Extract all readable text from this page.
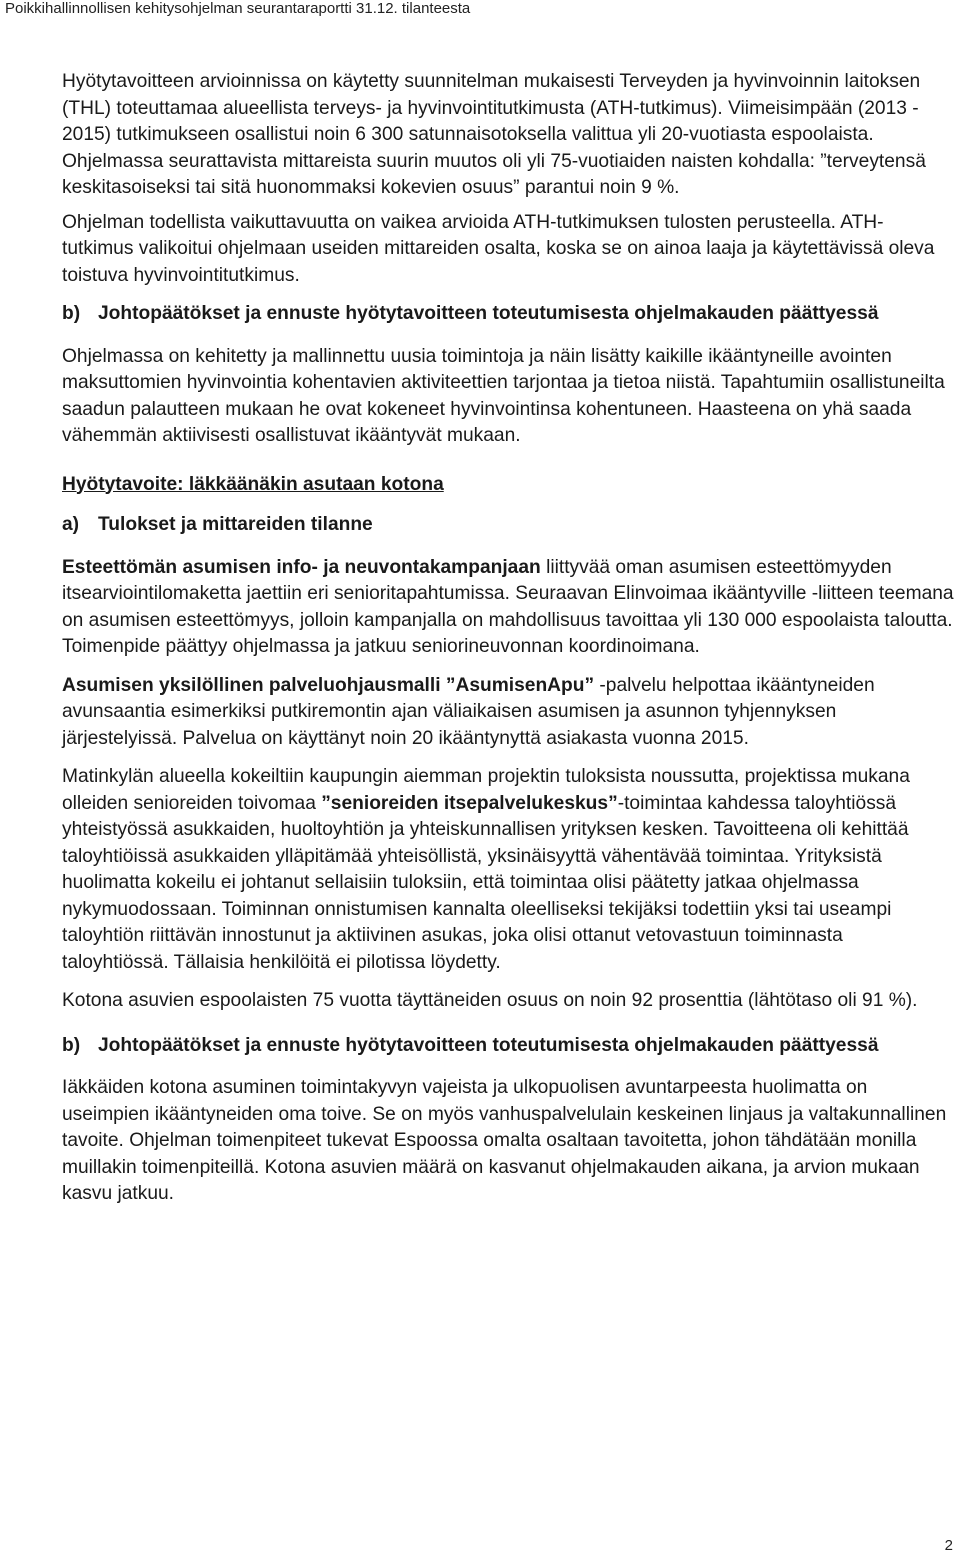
Poikkihallinnollisen kehitysohjelman seurantaraportti 31.12. tilanteesta

Hyötytavoitteen arvioinnissa on käytetty suunnitelman mukaisesti Terveyden ja hyvinvoinnin laitoksen (THL) toteuttamaa alueellista terveys- ja hyvinvointitutkimusta (ATH-tutkimus). Viimeisimpään (2013 - 2015) tutkimukseen osallistui noin 6 300 satunnaisotoksella valittua yli 20-vuotiasta espoolaista. Ohjelmassa seurattavista mittareista suurin muutos oli yli 75-vuotiaiden naisten kohdalla: ”terveytensä keskitasoiseksi tai sitä huonommaksi kokevien osuus” parantui noin 9 %.

Ohjelman todellista vaikuttavuutta on vaikea arvioida ATH-tutkimuksen tulosten perusteella. ATH-tutkimus valikoitui ohjelmaan useiden mittareiden osalta, koska se on ainoa laaja ja käytettävissä oleva toistuva hyvinvointitutkimus.

b) Johtopäätökset ja ennuste hyötytavoitteen toteutumisesta ohjelmakauden päättyessä

Ohjelmassa on kehitetty ja mallinnettu uusia toimintoja ja näin lisätty kaikille ikääntyneille avointen maksuttomien hyvinvointia kohentavien aktiviteettien tarjontaa ja tietoa niistä. Tapahtumiin osallistuneilta saadun palautteen mukaan he ovat kokeneet hyvinvointinsa kohentuneen. Haasteena on yhä saada vähemmän aktiivisesti osallistuvat ikääntyvät mukaan.

Hyötytavoite: läkkäänäkin asutaan kotona

a) Tulokset ja mittareiden tilanne

Esteettömän asumisen info- ja neuvontakampanjaan liittyvää oman asumisen esteettömyyden itsearviointilomaketta jaettiin eri senioritapahtumissa. Seuraavan Elinvoimaa ikääntyville -liitteen teemana on asumisen esteettömyys, jolloin kampanjalla on mahdollisuus tavoittaa yli 130 000 espoolaista taloutta. Toimenpide päättyy ohjelmassa ja jatkuu seniorineuvonnan koordinoimana.

Asumisen yksilöllinen palveluohjausmalli ”AsumisenApu” -palvelu helpottaa ikääntyneiden avunsaantia esimerkiksi putkiremontin ajan väliaikaisen asumisen ja asunnon tyhjennyksen järjestelyissä. Palvelua on käyttänyt noin 20 ikääntynyttä asiakasta vuonna 2015.

Matinkylän alueella kokeiltiin kaupungin aiemman projektin tuloksista noussutta, projektissa mukana olleiden senioreiden toivomaa ”senioreiden itsepalvelukeskus”-toimintaa kahdessa taloyhtiössä yhteistyössä asukkaiden, huoltoyhtiön ja yhteiskunnallisen yrityksen kesken. Tavoitteena oli kehittää taloyhtiöissä asukkaiden ylläpitämää yhteisöllistä, yksinäisyyttä vähentävää toimintaa. Yrityksistä huolimatta kokeilu ei johtanut sellaisiin tuloksiin, että toimintaa olisi päätetty jatkaa ohjelmassa nykymuodossaan. Toiminnan onnistumisen kannalta oleelliseksi tekijäksi todettiin yksi tai useampi taloyhtiön riittävän innostunut ja aktiivinen asukas, joka olisi ottanut vetovastuun toiminnasta taloyhtiössä. Tällaisia henkilöitä ei pilotissa löydetty.

Kotona asuvien espoolaisten 75 vuotta täyttäneiden osuus on noin 92 prosenttia (lähtötaso oli 91 %).

b) Johtopäätökset ja ennuste hyötytavoitteen toteutumisesta ohjelmakauden päättyessä

Iäkkäiden kotona asuminen toimintakyvyn vajeista ja ulkopuolisen avuntarpeesta huolimatta on useimpien ikääntyneiden oma toive. Se on myös vanhuspalvelulain keskeinen linjaus ja valtakunnallinen tavoite. Ohjelman toimenpiteet tukevat Espoossa omalta osaltaan tavoitetta, johon tähdätään monilla muillakin toimenpiteillä. Kotona asuvien määrä on kasvanut ohjelmakauden aikana, ja arvion mukaan kasvu jatkuu.

2
